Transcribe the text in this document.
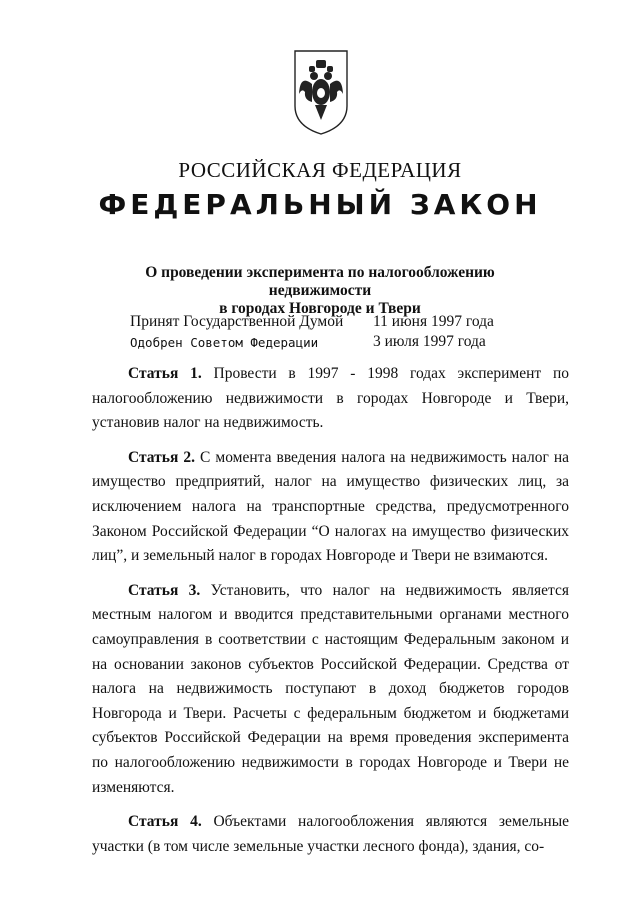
РОССИЙСКАЯ ФЕДЕРАЦИЯ
ФЕДЕРАЛЬНЫЙ ЗАКОН
О проведении эксперимента по налогообложению недвижимости
в городах Новгороде и Твери
Принят Государственной Думой 11 июня 1997 года
Одобрен Советом Федерации	3 июля 1997 года

Статья 1. Провести в 1997 - 1998 годах эксперимент по налогообложению недвижимости в городах Новгороде и Твери, установив налог на недвижимость.

Статья 2. С момента введения налога на недвижимость налог на имущество предприятий, налог на имущество физических лиц, за исключением налога на транспортные средства, предусмотренного Законом Российской Федерации “О налогах на имущество физических лиц”, и земельный налог в городах Новгороде и Твери не взимаются.

Статья 3. Установить, что налог на недвижимость является местным налогом и вводится представительными органами местного самоуправления в соответствии с настоящим Федеральным законом и на основании законов субъектов Российской Федерации. Средства от налога на недвижимость поступают в доход бюджетов городов Новгорода и Твери. Расчеты с федеральным бюджетом и бюджетами субъектов Российской Федерации на время проведения эксперимента по налогообложению недвижимости в городах Новгороде и Твери не изменяются.

Статья 4. Объектами налогообложения являются земельные участки (в том числе земельные участки лесного фонда), здания, со-
